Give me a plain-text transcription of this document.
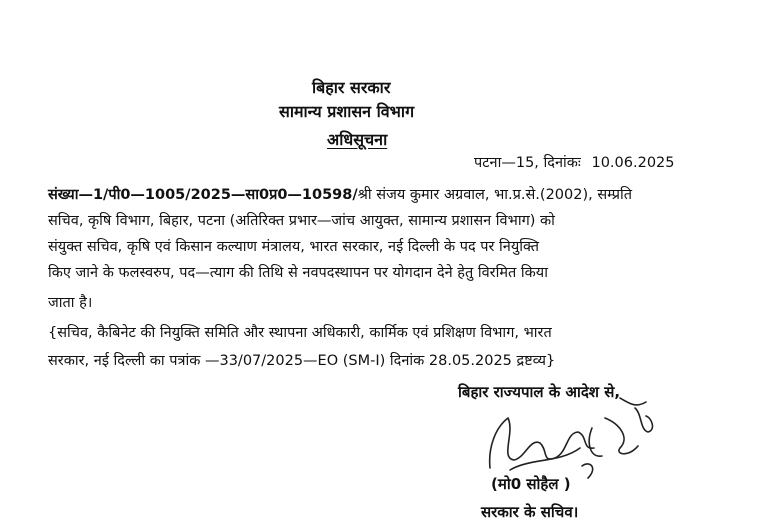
बिहार सरकार
सामान्य प्रशासन विभाग
अधिसूचना
पटना—15, दिनांकः 10.06.2025
संख्या—1/पी0—1005/2025—सा0प्र0—10598/श्री संजय कुमार अग्रवाल, भा.प्र.से.(2002), सम्प्रति
सचिव, कृषि विभाग, बिहार, पटना (अतिरिक्त प्रभार—जांच आयुक्त, सामान्य प्रशासन विभाग) को
संयुक्त सचिव, कृषि एवं किसान कल्याण मंत्रालय, भारत सरकार, नई दिल्ली के पद पर नियुक्ति
किए जाने के फलस्वरुप, पद—त्याग की तिथि से नवपदस्थापन पर योगदान देने हेतु विरमित किया
जाता है।
{सचिव, कैबिनेट की नियुक्ति समिति और स्थापना अधिकारी, कार्मिक एवं प्रशिक्षण विभाग, भारत
सरकार, नई दिल्ली का पत्रांक —33/07/2025—EO (SM-I) दिनांक 28.05.2025 द्रष्टव्य}
बिहार राज्यपाल के आदेश से,
(मो0 सोहैल )
सरकार के सचिव।
